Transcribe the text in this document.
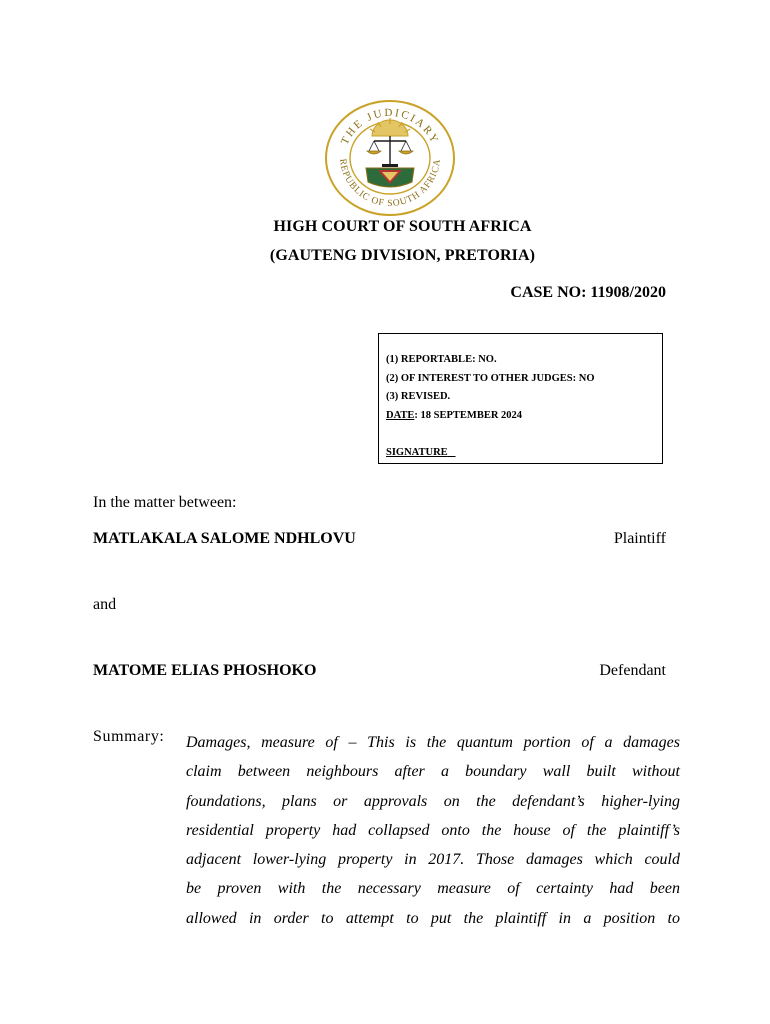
THE JUDICIARY
REPUBLIC OF SOUTH AFRICA
HIGH COURT OF SOUTH AFRICA
(GAUTENG DIVISION, PRETORIA)
CASE NO: 11908/2020
(1) REPORTABLE: NO.
(2) OF INTEREST TO OTHER JUDGES: NO
(3) REVISED.
DATE: 18 SEPTEMBER 2024
SIGNATURE
In the matter between:
MATLAKALA SALOME NDHLOVU	Plaintiff
and
MATOME ELIAS PHOSHOKO	Defendant
Summary: Damages, measure of – This is the quantum portion of a damages
claim between neighbours after a boundary wall built without
foundations, plans or approvals on the defendant’s higher-lying
residential property had collapsed onto the house of the plaintiff’s
adjacent lower-lying property in 2017. Those damages which could
be proven with the necessary measure of certainty had been
allowed in order to attempt to put the plaintiff in a position to
